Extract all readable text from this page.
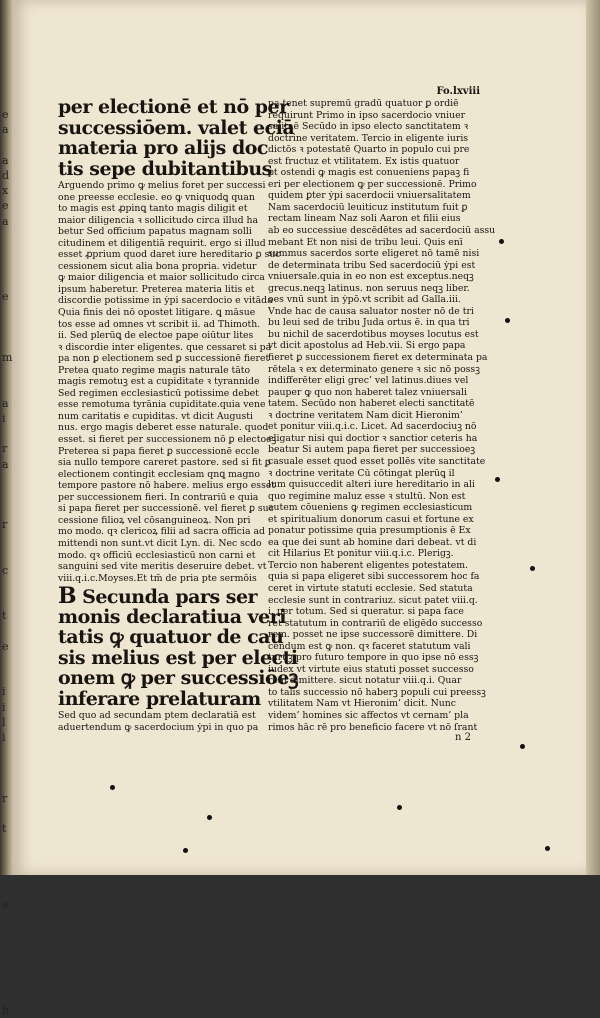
e
a
a
d
x
e
a
e
m
a
i
r
a
r
c
t
e
i
i
l
i
r
t
e
h
Fo.lxviii
per electionē et nō per
successiōem. valet eciā
materia pro alijs doc
tis sepe dubitantibus
Arguendo primo ꝙ melius foret per successi
one preesse ecclesie. eo ꝙ vniquodꝗ quan
to magis est ꝓpinꝗ tanto magis diligit et
maior diligencia ꝛ sollicitudo circa illud ha
betur Sed officium papatus magnam solli
citudinem et diligentiā requirit. ergo si illud
esset ꝓprium quod daret iure hereditario ꝑ suc
cessionem sicut alia bona propria. videtur
ꝙ maior diligencia et maior sollicitudo circa
ipsum haberetur. Preterea materia litis et
discordie potissime in ẏpi sacerdocio e vitāda
Quia finis dei nō opostet litigare. ꝗ māsue
tos esse ad omnes vt scribit ii. ad Thimoth.
ii. Sed plerūꝗ de electoe pape oiūtur lites
ꝛ discordie inter eligentes. que cessaret si pa
pa non ꝑ electionem sed ꝑ successionē fieret
Pretea quato regime magis naturale tāto
magis remotuꝫ est a cupiditate ꝛ tyrannide
Sed regimen ecclesiasticū potissime debet
esse remotuma tyrānia cupiditate.quia vene
num caritatis e cupiditas. vt dicit Augusti
nus. ergo magis deberet esse naturale. quod
esset. si fieret per successionem nō ꝑ electoeꝫ
Preterea si papa fieret ꝑ successionē eccle
sia nullo tempore careret pastore. sed si fit ꝑ
electionem contingit ecclesiam qnꝗ magno
tempore pastore nō habere. melius ergo esset
per successionem fieri. In contrariū e quia
si papa fieret per successionē. vel fieret ꝑ suc
cessione filioꝝ vel cōsanguineoꝝ. Non pri
mo modo. qꝛ clericoꝝ filii ad sacra officia ad
mittendi non sunt.vt dicit Lyn. di. Nec scdo
modo. qꝛ officiū ecclesiasticū non carni et
sanguini sed vite meritis deseruire debet. vt
viii.q.i.c.Moyses.Et tm̄ de pria pte sermōis
B Secunda pars ser
monis declaratiua veri
tatis ꝙ quatuor de cau
sis melius est per electi
onem ꝙ per successiōeꝫ
inferare prelaturam
Sed quo ad secundam ptem declaratiā est
aduertendum ꝙ sacerdocium ẏpi in quo pa
pa tenet supremū gradū quatuor ꝑ ordiē
requirunt Primo in ipso sacerdocio vniuer
salitaē Secūdo in ipso electo sanctitatem ꝛ
doctrine veritatem. Tercio in eligente iuris
dictōs ꝛ potestatē Quarto in populo cui pre
est fructuz et vtilitatem. Ex istis quatuor
ꝑt ostendi ꝙ magis est conueniens papaꝫ fi
eri per electionem ꝙ per successionē. Primo
quidem ꝑter ẏpi sacerdocii vniuersalitatem
Nam sacerdociū leuiticuz institutum fuit ꝑ
rectam lineam Naz soli Aaron et filii eius
ab eo successiue descēdētes ad sacerdociū assu
mebant Et non nisi de tribu leui. Quis enī
summus sacerdos sorte eligeret nō tamē nisi
de determinata tribu Sed sacerdociū ẏpi est
vniuersale.quia in eo non est exceptus.neqꝫ
grecus.neqꝫ latinus. non seruus neqꝫ liber.
oes vnū sunt in ẏpō.vt scribit ad Galla.iii.
Vnde hac de causa saluator noster nō de tri
bu leui sed de tribu Juda ortus ē. in qua tri
bu nichil de sacerdotibus moyses locutus est
vt dicit apostolus ad Heb.vii. Si ergo papa
fieret ꝑ successionem fieret ex determinata pa
rētela ꝛ ex determinato genere ꝛ sic nō possꝫ
indifferēter eligi grec’ vel latinus.diues vel
pauper ꝙ quo non haberet talez vniuersali
tatem. Secūdo non haberet electi sanctitatē
ꝛ doctrine veritatem Nam dicit Hieronim’
et ponitur viii.q.i.c. Licet. Ad sacerdociuꝫ nō
eligatur nisi qui doctior ꝛ sanctior ceteris ha
beatur Si autem papa fieret per successioeꝫ
casuale esset quod esset pollēs vite sanctitate
ꝛ doctrine veritate Cū cōtingat plerūꝗ il
lum quisuccedit alteri iure hereditario in ali
quo regimine maluz esse ꝛ stultū. Non est
autem cōueniens ꝙ regimen ecclesiasticum
et spiritualium donorum casui et fortune ex
ponatur potissime quia presumptionis ē Ex
ea que dei sunt ab homine dari debeat. vt di
cit Hilarius Et ponitur viii.q.i.c. Plerigꝫ.
Tercio non haberent eligentes potestatem.
quia si papa eligeret sibi successorem hoc fa
ceret in virtute statuti ecclesie. Sed statuta
ecclesie sunt in contrariuz. sicut patet viii.q.
i. per totum. Sed si queratur. si papa face
ret statutum in contrariū de eligēdo successo
rem. posset ne ipse successorē dimittere. Di
cendum est ꝙ non. qꝛ faceret statutum vali
turuꝫ pro futuro tempore in quo ipse nō essꝫ
iudex vt virtute eius statuti posset successo
rem dimittere. sicut notatur viii.q.i. Quar
to talis successio nō haberꝫ populi cui preessꝫ
vtilitatem Nam vt Hieronim’ dicit. Nunc
videm’ homines sic affectos vt cernam’ pla
rimos hāc rē pro beneficio facere vt nō ſrant
n 2
